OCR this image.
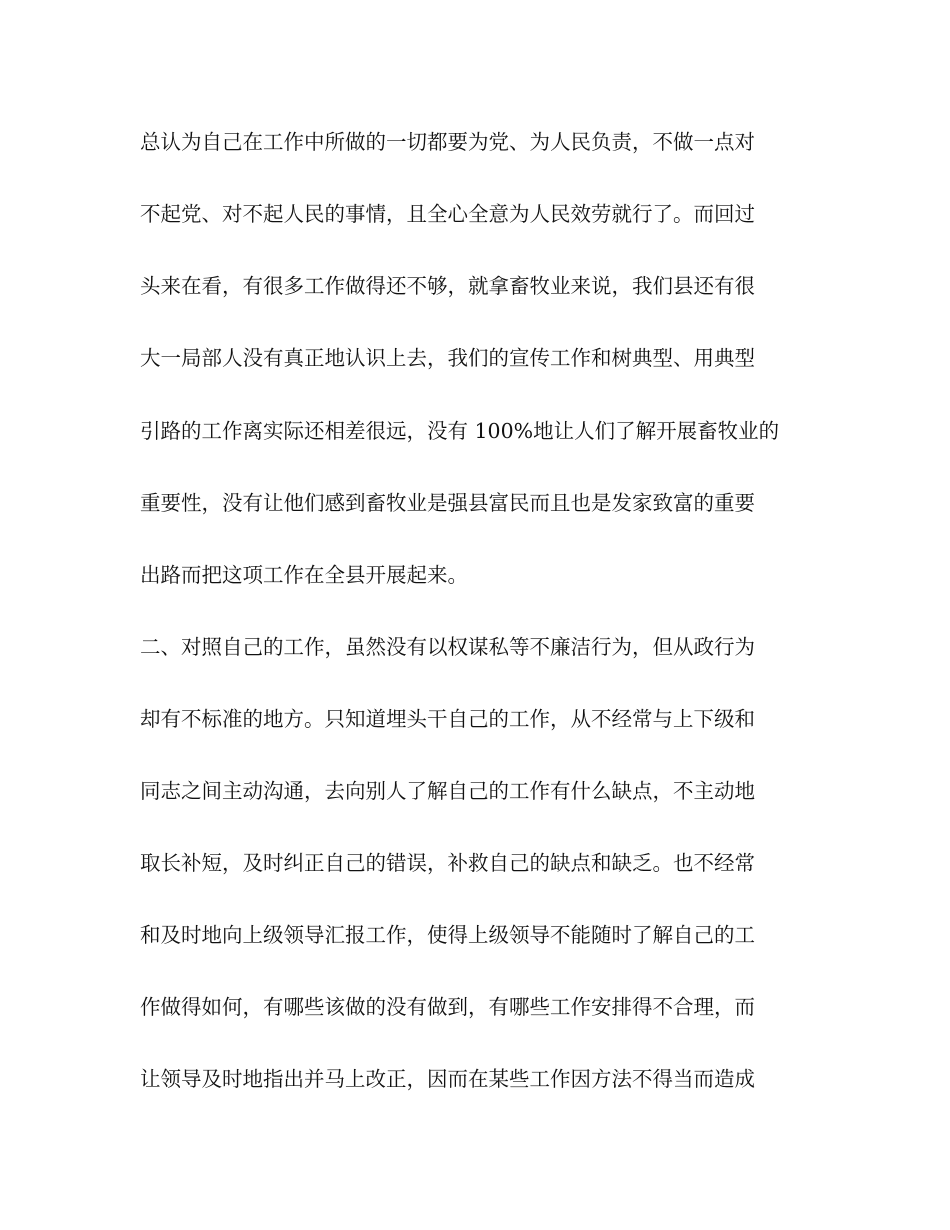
总认为自己在工作中所做的一切都要为党、为人民负责，不做一点对
不起党、对不起人民的事情，且全心全意为人民效劳就行了。而回过
头来在看，有很多工作做得还不够，就拿畜牧业来说，我们县还有很
大一局部人没有真正地认识上去，我们的宣传工作和树典型、用典型
引路的工作离实际还相差很远，没有 100%地让人们了解开展畜牧业的
重要性，没有让他们感到畜牧业是强县富民而且也是发家致富的重要
出路而把这项工作在全县开展起来。
二、对照自己的工作，虽然没有以权谋私等不廉洁行为，但从政行为
却有不标准的地方。只知道埋头干自己的工作，从不经常与上下级和
同志之间主动沟通，去向别人了解自己的工作有什么缺点，不主动地
取长补短，及时纠正自己的错误，补救自己的缺点和缺乏。也不经常
和及时地向上级领导汇报工作，使得上级领导不能随时了解自己的工
作做得如何，有哪些该做的没有做到，有哪些工作安排得不合理，而
让领导及时地指出并马上改正，因而在某些工作因方法不得当而造成
